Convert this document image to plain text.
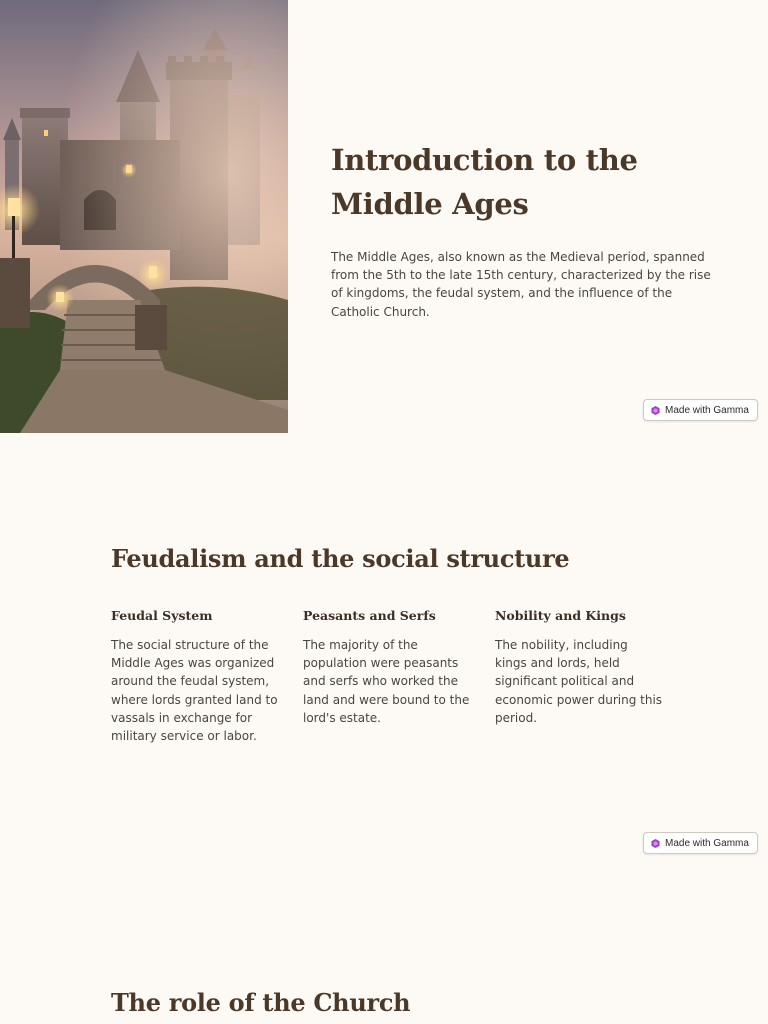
Introduction to the Middle Ages

The Middle Ages, also known as the Medieval period, spanned from the 5th to the late 15th century, characterized by the rise of kingdoms, the feudal system, and the influence of the Catholic Church.

Made with Gamma
Feudalism and the social structure
Feudal System

The social structure of the Middle Ages was organized around the feudal system, where lords granted land to vassals in exchange for military service or labor.

Peasants and Serfs

The majority of the population were peasants and serfs who worked the land and were bound to the lord's estate.

Nobility and Kings

The nobility, including kings and lords, held significant political and economic power during this period.

Made with Gamma
The role of the Church
